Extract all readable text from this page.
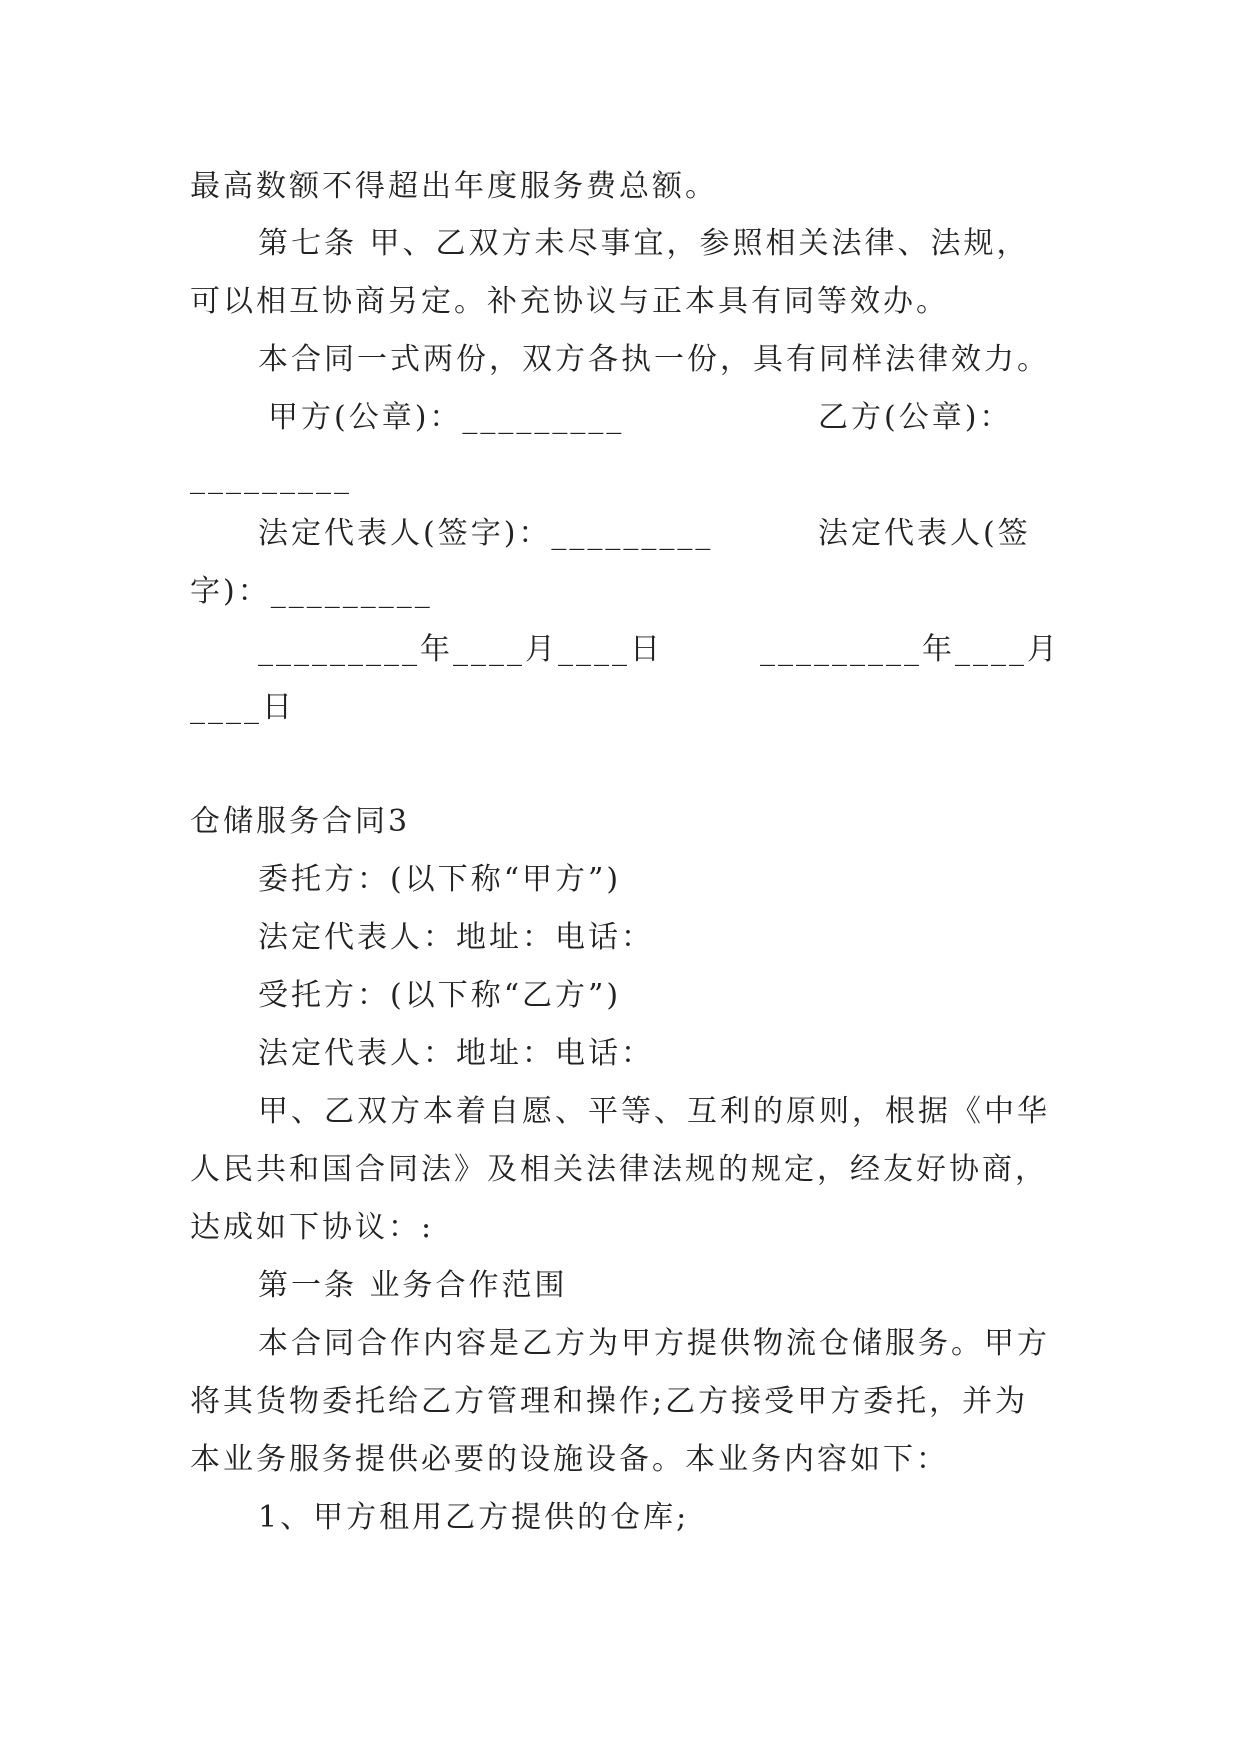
最高数额不得超出年度服务费总额。
第七条 甲、乙双方未尽事宜，参照相关法律、法规，
可以相互协商另定。补充协议与正本具有同等效办。
本合同一式两份，双方各执一份，具有同样法律效力。
甲方(公章)：_________	乙方(公章)：
_________
法定代表人(签字)：_________	法定代表人(签
字)：_________
_________年____月____日	_________年____月
____日
仓储服务合同3
委托方：(以下称“甲方”)
法定代表人：地址：电话：
受托方：(以下称“乙方”)
法定代表人：地址：电话：
甲、乙双方本着自愿、平等、互利的原则，根据《中华
人民共和国合同法》及相关法律法规的规定，经友好协商，
达成如下协议：:
第一条 业务合作范围
本合同合作内容是乙方为甲方提供物流仓储服务。甲方
将其货物委托给乙方管理和操作;乙方接受甲方委托，并为
本业务服务提供必要的设施设备。本业务内容如下：
1、甲方租用乙方提供的仓库;
